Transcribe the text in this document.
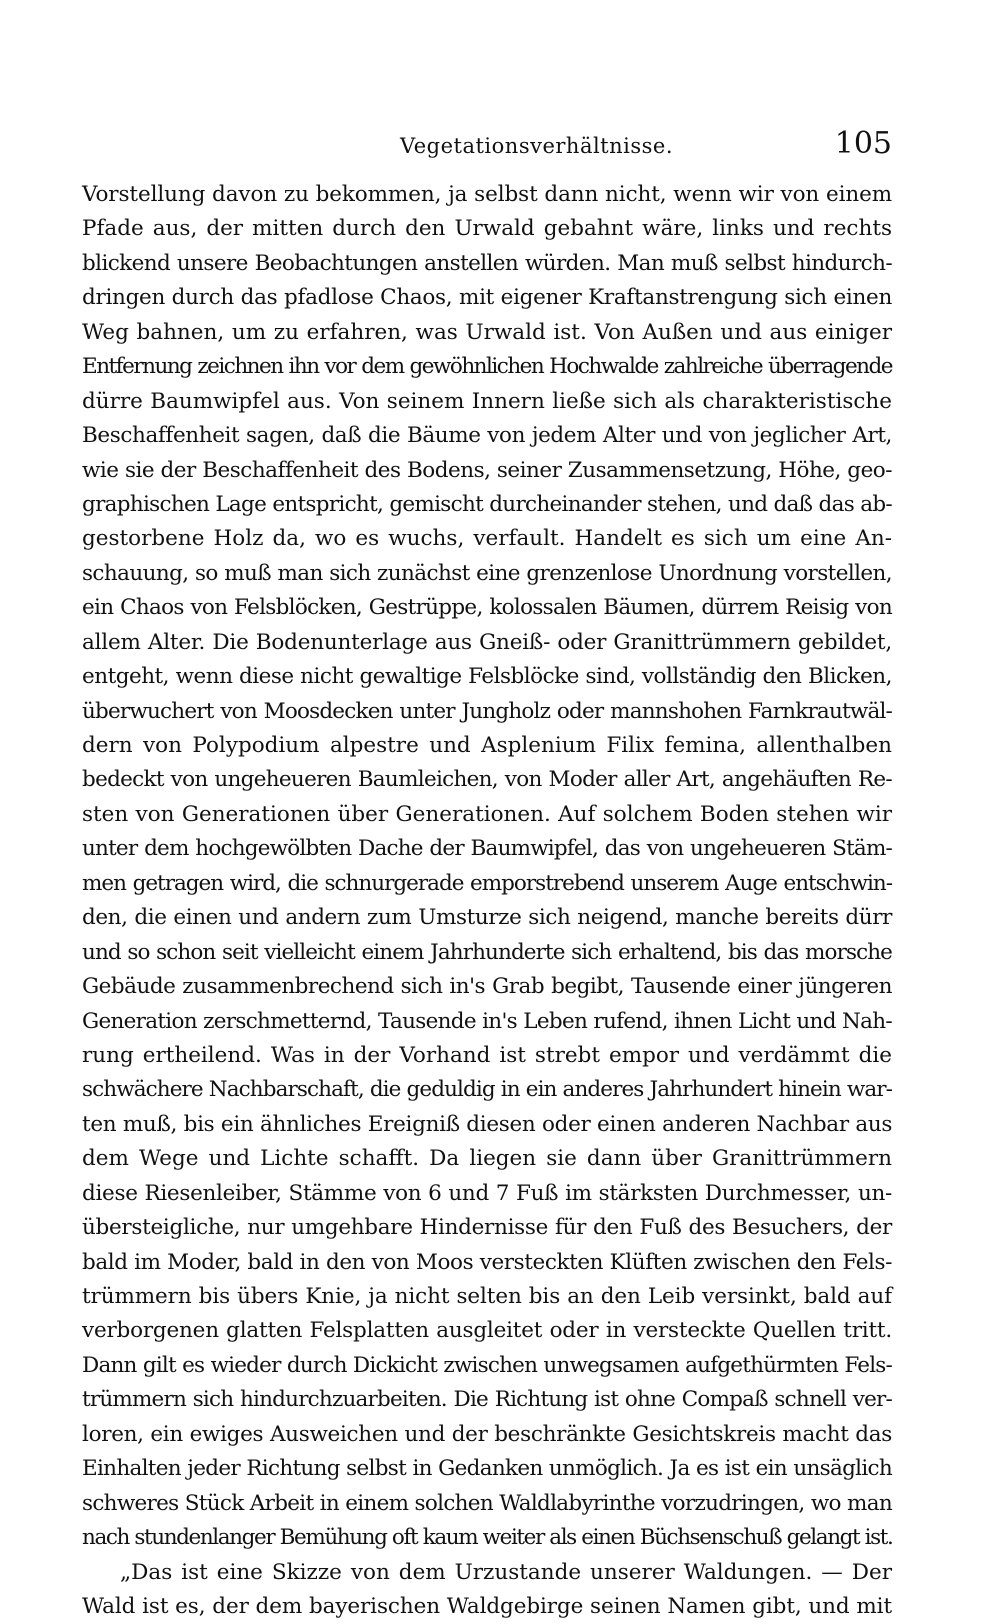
Vegetationsverhältnisse.	105
Vorstellung davon zu bekommen, ja selbst dann nicht, wenn wir von einem
Pfade aus, der mitten durch den Urwald gebahnt wäre, links und rechts
blickend unsere Beobachtungen anstellen würden. Man muß selbst hindurch-
dringen durch das pfadlose Chaos, mit eigener Kraftanstrengung sich einen
Weg bahnen, um zu erfahren, was Urwald ist. Von Außen und aus einiger
Entfernung zeichnen ihn vor dem gewöhnlichen Hochwalde zahlreiche überragende
dürre Baumwipfel aus. Von seinem Innern ließe sich als charakteristische
Beschaffenheit sagen, daß die Bäume von jedem Alter und von jeglicher Art,
wie sie der Beschaffenheit des Bodens, seiner Zusammensetzung, Höhe, geo-
graphischen Lage entspricht, gemischt durcheinander stehen, und daß das ab-
gestorbene Holz da, wo es wuchs, verfault. Handelt es sich um eine An-
schauung, so muß man sich zunächst eine grenzenlose Unordnung vorstellen,
ein Chaos von Felsblöcken, Gestrüppe, kolossalen Bäumen, dürrem Reisig von
allem Alter. Die Bodenunterlage aus Gneiß- oder Granittrümmern gebildet,
entgeht, wenn diese nicht gewaltige Felsblöcke sind, vollständig den Blicken,
überwuchert von Moosdecken unter Jungholz oder mannshohen Farnkrautwäl-
dern von Polypodium alpestre und Asplenium Filix femina, allenthalben
bedeckt von ungeheueren Baumleichen, von Moder aller Art, angehäuften Re-
sten von Generationen über Generationen. Auf solchem Boden stehen wir
unter dem hochgewölbten Dache der Baumwipfel, das von ungeheueren Stäm-
men getragen wird, die schnurgerade emporstrebend unserem Auge entschwin-
den, die einen und andern zum Umsturze sich neigend, manche bereits dürr
und so schon seit vielleicht einem Jahrhunderte sich erhaltend, bis das morsche
Gebäude zusammenbrechend sich in's Grab begibt, Tausende einer jüngeren
Generation zerschmetternd, Tausende in's Leben rufend, ihnen Licht und Nah-
rung ertheilend. Was in der Vorhand ist strebt empor und verdämmt die
schwächere Nachbarschaft, die geduldig in ein anderes Jahrhundert hinein war-
ten muß, bis ein ähnliches Ereigniß diesen oder einen anderen Nachbar aus
dem Wege und Lichte schafft. Da liegen sie dann über Granittrümmern
diese Riesenleiber, Stämme von 6 und 7 Fuß im stärksten Durchmesser, un-
übersteigliche, nur umgehbare Hindernisse für den Fuß des Besuchers, der
bald im Moder, bald in den von Moos versteckten Klüften zwischen den Fels-
trümmern bis übers Knie, ja nicht selten bis an den Leib versinkt, bald auf
verborgenen glatten Felsplatten ausgleitet oder in versteckte Quellen tritt.
Dann gilt es wieder durch Dickicht zwischen unwegsamen aufgethürmten Fels-
trümmern sich hindurchzuarbeiten. Die Richtung ist ohne Compaß schnell ver-
loren, ein ewiges Ausweichen und der beschränkte Gesichtskreis macht das
Einhalten jeder Richtung selbst in Gedanken unmöglich. Ja es ist ein unsäglich
schweres Stück Arbeit in einem solchen Waldlabyrinthe vorzudringen, wo man
nach stundenlanger Bemühung oft kaum weiter als einen Büchsenschuß gelangt ist.
„Das ist eine Skizze von dem Urzustande unserer Waldungen. — Der
Wald ist es, der dem bayerischen Waldgebirge seinen Namen gibt, und mit
